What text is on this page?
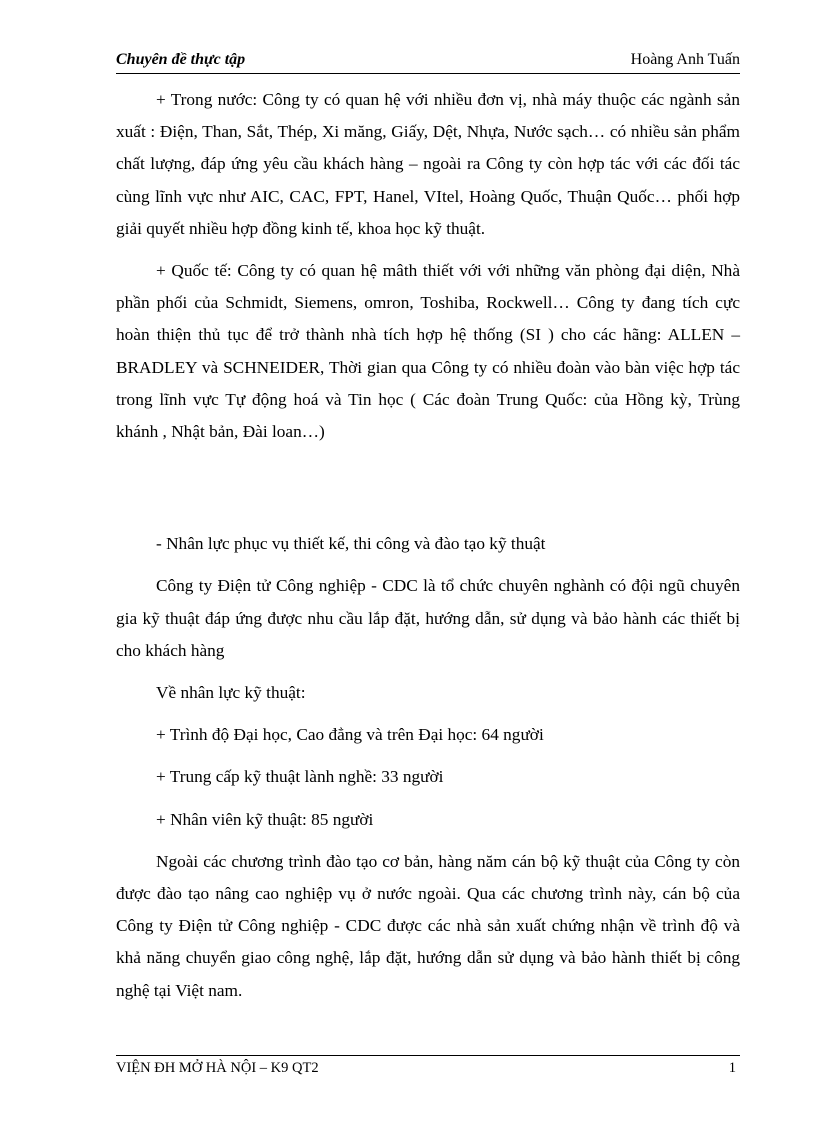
Chuyên đề thực tập	Hoàng Anh Tuấn

+ Trong nước: Công ty có quan hệ với nhiều đơn vị, nhà máy thuộc các ngành sản xuất : Điện, Than, Sắt, Thép, Xi măng, Giấy, Dệt, Nhựa, Nước sạch… có nhiều sản phẩm chất lượng, đáp ứng yêu cầu khách hàng – ngoài ra Công ty còn hợp tác với các đối tác cùng lĩnh vực như AIC, CAC, FPT, Hanel, VItel, Hoàng Quốc, Thuận Quốc… phối hợp giải quyết nhiều hợp đồng kinh tế, khoa học kỹ thuật.

+ Quốc tế: Công ty có quan hệ mâth thiết với với những văn phòng đại diện, Nhà phần phối của Schmidt, Siemens, omron, Toshiba, Rockwell… Công ty đang tích cực hoàn thiện thủ tục để trở thành nhà tích hợp hệ thống (SI ) cho các hãng: ALLEN – BRADLEY và SCHNEIDER, Thời gian qua Công ty có nhiều đoàn vào bàn việc hợp tác trong lĩnh vực Tự động hoá và Tin học ( Các đoàn Trung Quốc: của Hồng kỳ, Trùng khánh , Nhật bản, Đài loan…)

- Nhân lực phục vụ thiết kế, thi công và đào tạo kỹ thuật

Công ty Điện tử Công nghiệp - CDC là tổ chức chuyên nghành có đội ngũ chuyên gia kỹ thuật đáp ứng được nhu cầu lắp đặt, hướng dẫn, sử dụng và bảo hành các thiết bị cho khách hàng

Về nhân lực kỹ thuật:

+ Trình độ Đại học, Cao đẳng và trên Đại học: 64 người

+ Trung cấp kỹ thuật lành nghề: 33 người

+ Nhân viên kỹ thuật: 85 người

Ngoài các chương trình đào tạo cơ bản, hàng năm cán bộ kỹ thuật của Công ty còn được đào tạo nâng cao nghiệp vụ ở nước ngoài. Qua các chương trình này, cán bộ của Công ty Điện tử Công nghiệp - CDC được các nhà sản xuất chứng nhận về trình độ và khả năng chuyển giao công nghệ, lắp đặt, hướng dẫn sử dụng và bảo hành thiết bị công nghệ tại Việt nam.

VIỆN ĐH MỞ HÀ NỘI – K9 QT2	1
